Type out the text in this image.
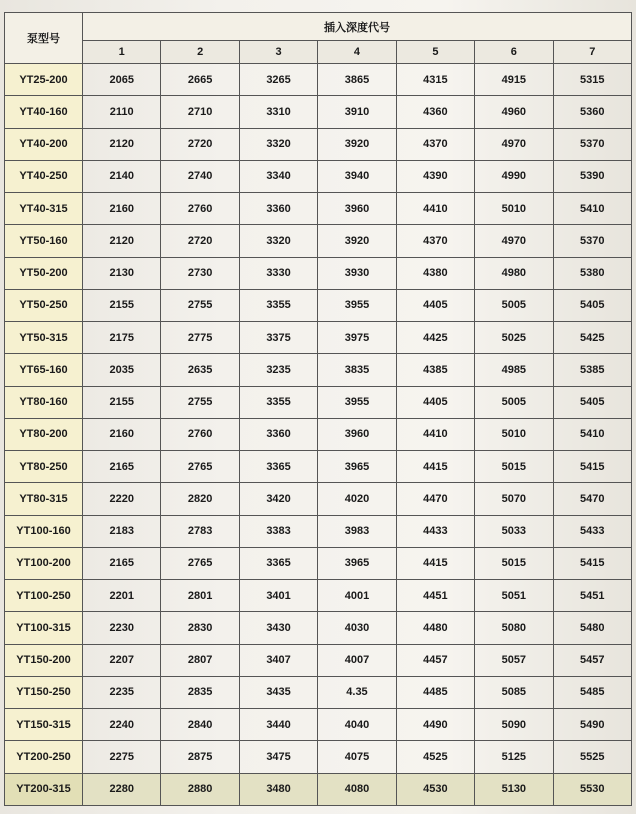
泵型号	插入深度代号						
	1	2	3	4	5	6	7
YT25-200	2065	2665	3265	3865	4315	4915	5315
YT40-160	2110	2710	3310	3910	4360	4960	5360
YT40-200	2120	2720	3320	3920	4370	4970	5370
YT40-250	2140	2740	3340	3940	4390	4990	5390
YT40-315	2160	2760	3360	3960	4410	5010	5410
YT50-160	2120	2720	3320	3920	4370	4970	5370
YT50-200	2130	2730	3330	3930	4380	4980	5380
YT50-250	2155	2755	3355	3955	4405	5005	5405
YT50-315	2175	2775	3375	3975	4425	5025	5425
YT65-160	2035	2635	3235	3835	4385	4985	5385
YT80-160	2155	2755	3355	3955	4405	5005	5405
YT80-200	2160	2760	3360	3960	4410	5010	5410
YT80-250	2165	2765	3365	3965	4415	5015	5415
YT80-315	2220	2820	3420	4020	4470	5070	5470
YT100-160	2183	2783	3383	3983	4433	5033	5433
YT100-200	2165	2765	3365	3965	4415	5015	5415
YT100-250	2201	2801	3401	4001	4451	5051	5451
YT100-315	2230	2830	3430	4030	4480	5080	5480
YT150-200	2207	2807	3407	4007	4457	5057	5457
YT150-250	2235	2835	3435	4.35	4485	5085	5485
YT150-315	2240	2840	3440	4040	4490	5090	5490
YT200-250	2275	2875	3475	4075	4525	5125	5525
YT200-315	2280	2880	3480	4080	4530	5130	5530
